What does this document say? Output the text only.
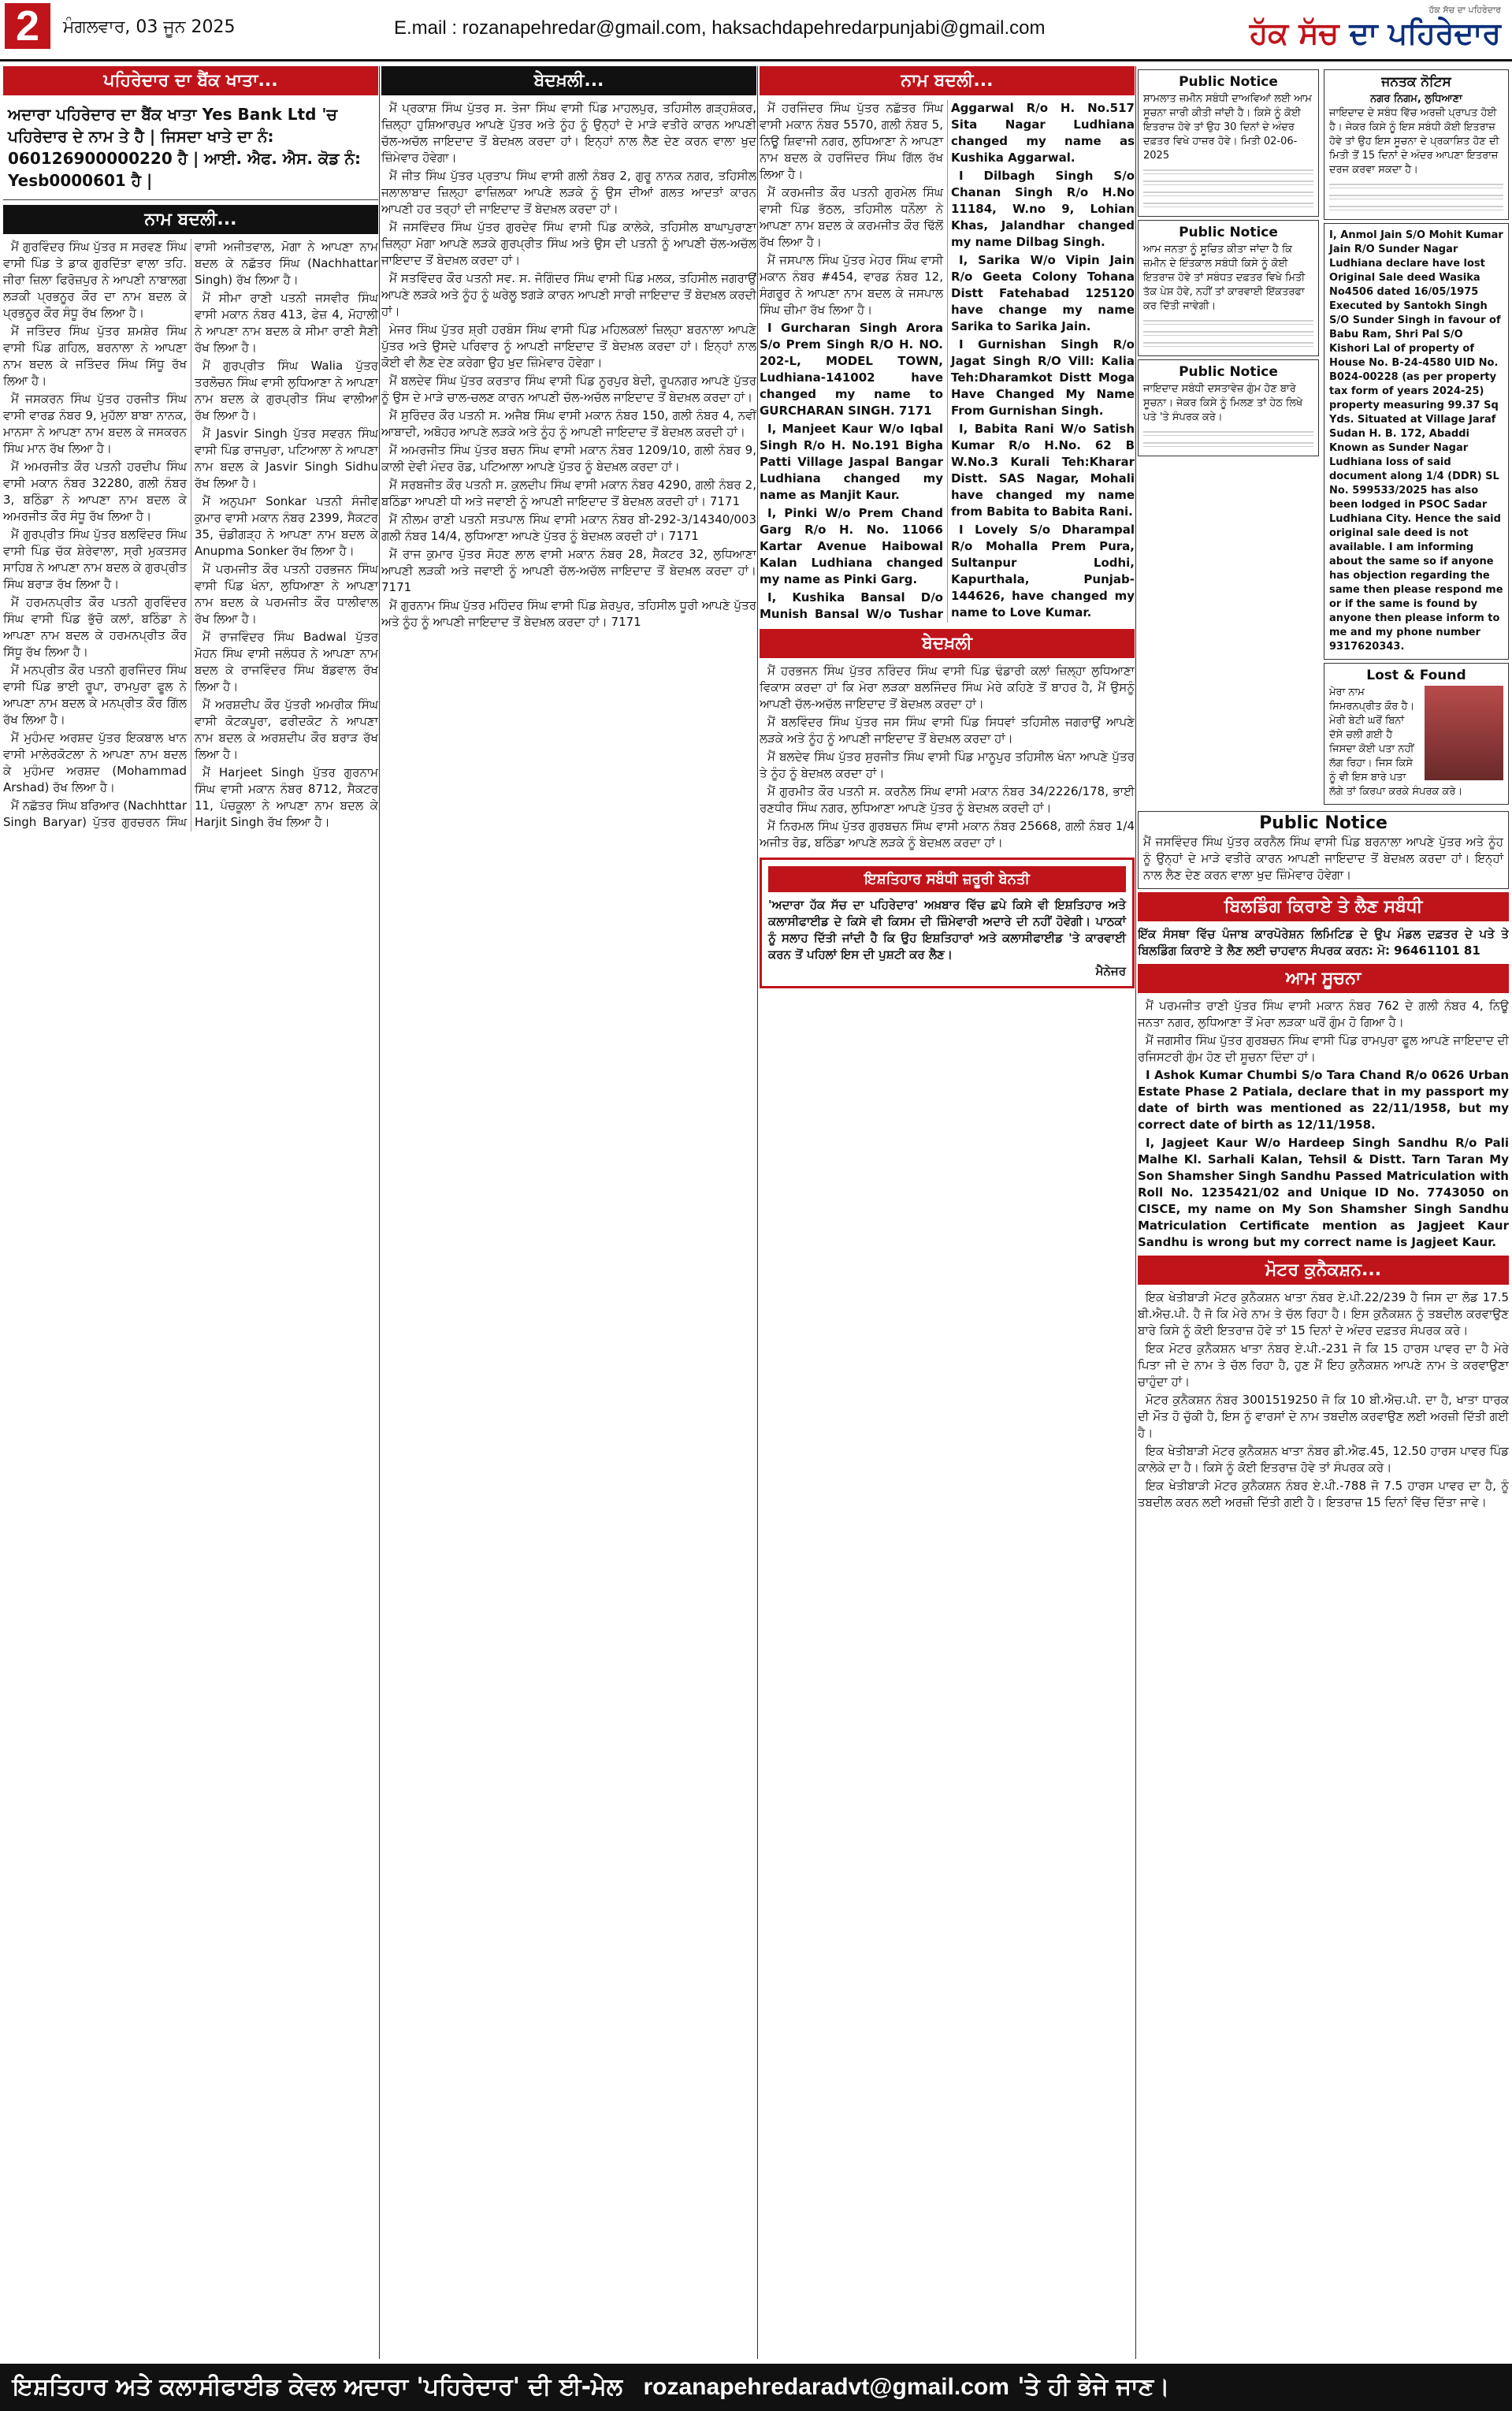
2	ਮੰਗਲਵਾਰ, 03 ਜੂਨ 2025	E.mail : rozanapehredar@gmail.com, haksachdapehredarpunjabi@gmail.com
ਹੱਕ ਸੱਚ ਦਾ ਪਹਿਰੇਦਾਰ
ਹੱਕ ਸੱਚ ਦਾ ਪਹਿਰੇਦਾਰ
ਪਹਿਰੇਦਾਰ ਦਾ ਬੈਂਕ ਖਾਤਾ...
ਅਦਾਰਾ ਪਹਿਰੇਦਾਰ ਦਾ ਬੈਂਕ ਖਾਤਾ Yes Bank Ltd 'ਚ ਪਹਿਰੇਦਾਰ ਦੇ ਨਾਮ ਤੇ ਹੈ | ਜਿਸਦਾ ਖਾਤੇ ਦਾ ਨੰ: 060126900000220 ਹੈ | ਆਈ. ਐਫ. ਐਸ. ਕੋਡ ਨੰ: Yesb0000601 ਹੈ |
ਨਾਮ ਬਦਲੀ...

ਮੈਂ ਗੁਰਵਿੰਦਰ ਸਿੰਘ ਪੁੱਤਰ ਸ ਸਰਵਣ ਸਿੰਘ ਵਾਸੀ ਪਿੰਡ ਤੇ ਡਾਕ ਗੁਰਦਿੱਤਾ ਵਾਲਾ ਤਹਿ. ਜੀਰਾ ਜ਼ਿਲਾ ਫਿਰੋਜ਼ਪੁਰ ਨੇ ਆਪਣੀ ਨਾਬਾਲਗ ਲੜਕੀ ਪ੍ਰਭਨੂਰ ਕੌਰ ਦਾ ਨਾਮ ਬਦਲ ਕੇ ਪ੍ਰਭਨੂਰ ਕੌਰ ਸੰਧੂ ਰੱਖ ਲਿਆ ਹੈ।

ਮੈਂ ਜਤਿੰਦਰ ਸਿੰਘ ਪੁੱਤਰ ਸ਼ਮਸ਼ੇਰ ਸਿੰਘ ਵਾਸੀ ਪਿੰਡ ਗਹਿਲ, ਬਰਨਾਲਾ ਨੇ ਆਪਣਾ ਨਾਮ ਬਦਲ ਕੇ ਜਤਿੰਦਰ ਸਿੰਘ ਸਿੱਧੂ ਰੱਖ ਲਿਆ ਹੈ।

ਮੈਂ ਜਸਕਰਨ ਸਿੰਘ ਪੁੱਤਰ ਹਰਜੀਤ ਸਿੰਘ ਵਾਸੀ ਵਾਰਡ ਨੰਬਰ 9, ਮੁਹੱਲਾ ਬਾਬਾ ਨਾਨਕ, ਮਾਨਸਾ ਨੇ ਆਪਣਾ ਨਾਮ ਬਦਲ ਕੇ ਜਸਕਰਨ ਸਿੰਘ ਮਾਨ ਰੱਖ ਲਿਆ ਹੈ।

ਮੈਂ ਅਮਰਜੀਤ ਕੌਰ ਪਤਨੀ ਹਰਦੀਪ ਸਿੰਘ ਵਾਸੀ ਮਕਾਨ ਨੰਬਰ 32280, ਗਲੀ ਨੰਬਰ 3, ਬਠਿੰਡਾ ਨੇ ਆਪਣਾ ਨਾਮ ਬਦਲ ਕੇ ਅਮਰਜੀਤ ਕੌਰ ਸੰਧੂ ਰੱਖ ਲਿਆ ਹੈ।

ਮੈਂ ਗੁਰਪ੍ਰੀਤ ਸਿੰਘ ਪੁੱਤਰ ਬਲਵਿੰਦਰ ਸਿੰਘ ਵਾਸੀ ਪਿੰਡ ਚੱਕ ਸ਼ੇਰੇਵਾਲਾ, ਸ੍ਰੀ ਮੁਕਤਸਰ ਸਾਹਿਬ ਨੇ ਆਪਣਾ ਨਾਮ ਬਦਲ ਕੇ ਗੁਰਪ੍ਰੀਤ ਸਿੰਘ ਬਰਾੜ ਰੱਖ ਲਿਆ ਹੈ।

ਮੈਂ ਹਰਮਨਪ੍ਰੀਤ ਕੌਰ ਪਤਨੀ ਗੁਰਵਿੰਦਰ ਸਿੰਘ ਵਾਸੀ ਪਿੰਡ ਭੁੱਚੋ ਕਲਾਂ, ਬਠਿੰਡਾ ਨੇ ਆਪਣਾ ਨਾਮ ਬਦਲ ਕੇ ਹਰਮਨਪ੍ਰੀਤ ਕੌਰ ਸਿੱਧੂ ਰੱਖ ਲਿਆ ਹੈ।

ਮੈਂ ਮਨਪ੍ਰੀਤ ਕੌਰ ਪਤਨੀ ਗੁਰਜਿੰਦਰ ਸਿੰਘ ਵਾਸੀ ਪਿੰਡ ਭਾਈ ਰੂਪਾ, ਰਾਮਪੁਰਾ ਫੂਲ ਨੇ ਆਪਣਾ ਨਾਮ ਬਦਲ ਕੇ ਮਨਪ੍ਰੀਤ ਕੌਰ ਗਿੱਲ ਰੱਖ ਲਿਆ ਹੈ।

ਮੈਂ ਮੁਹੰਮਦ ਅਰਸ਼ਦ ਪੁੱਤਰ ਇਕਬਾਲ ਖਾਨ ਵਾਸੀ ਮਾਲੇਰਕੋਟਲਾ ਨੇ ਆਪਣਾ ਨਾਮ ਬਦਲ ਕੇ ਮੁਹੰਮਦ ਅਰਸ਼ਦ (Mohammad Arshad) ਰੱਖ ਲਿਆ ਹੈ।

ਮੈਂ ਨਛੱਤਰ ਸਿੰਘ ਬਰਿਆਰ (Nachhttar Singh Baryar) ਪੁੱਤਰ ਗੁਰਚਰਨ ਸਿੰਘ ਵਾਸੀ ਅਜੀਤਵਾਲ, ਮੋਗਾ ਨੇ ਆਪਣਾ ਨਾਮ ਬਦਲ ਕੇ ਨਛੱਤਰ ਸਿੰਘ (Nachhattar Singh) ਰੱਖ ਲਿਆ ਹੈ।

ਮੈਂ ਸੀਮਾ ਰਾਣੀ ਪਤਨੀ ਜਸਵੀਰ ਸਿੰਘ ਵਾਸੀ ਮਕਾਨ ਨੰਬਰ 413, ਫੇਜ਼ 4, ਮੋਹਾਲੀ ਨੇ ਆਪਣਾ ਨਾਮ ਬਦਲ ਕੇ ਸੀਮਾ ਰਾਣੀ ਸੈਣੀ ਰੱਖ ਲਿਆ ਹੈ।

ਮੈਂ ਗੁਰਪ੍ਰੀਤ ਸਿੰਘ Walia ਪੁੱਤਰ ਤਰਲੋਚਨ ਸਿੰਘ ਵਾਸੀ ਲੁਧਿਆਣਾ ਨੇ ਆਪਣਾ ਨਾਮ ਬਦਲ ਕੇ ਗੁਰਪ੍ਰੀਤ ਸਿੰਘ ਵਾਲੀਆ ਰੱਖ ਲਿਆ ਹੈ।

ਮੈਂ Jasvir Singh ਪੁੱਤਰ ਸਵਰਨ ਸਿੰਘ ਵਾਸੀ ਪਿੰਡ ਰਾਜਪੁਰਾ, ਪਟਿਆਲਾ ਨੇ ਆਪਣਾ ਨਾਮ ਬਦਲ ਕੇ Jasvir Singh Sidhu ਰੱਖ ਲਿਆ ਹੈ।

ਮੈਂ ਅਨੁਪਮਾ Sonkar ਪਤਨੀ ਸੰਜੀਵ ਕੁਮਾਰ ਵਾਸੀ ਮਕਾਨ ਨੰਬਰ 2399, ਸੈਕਟਰ 35, ਚੰਡੀਗੜ੍ਹ ਨੇ ਆਪਣਾ ਨਾਮ ਬਦਲ ਕੇ Anupma Sonker ਰੱਖ ਲਿਆ ਹੈ।

ਮੈਂ ਪਰਮਜੀਤ ਕੌਰ ਪਤਨੀ ਹਰਭਜਨ ਸਿੰਘ ਵਾਸੀ ਪਿੰਡ ਖੰਨਾ, ਲੁਧਿਆਣਾ ਨੇ ਆਪਣਾ ਨਾਮ ਬਦਲ ਕੇ ਪਰਮਜੀਤ ਕੌਰ ਧਾਲੀਵਾਲ ਰੱਖ ਲਿਆ ਹੈ।

ਮੈਂ ਰਾਜਵਿੰਦਰ ਸਿੰਘ Badwal ਪੁੱਤਰ ਮੋਹਨ ਸਿੰਘ ਵਾਸੀ ਜਲੰਧਰ ਨੇ ਆਪਣਾ ਨਾਮ ਬਦਲ ਕੇ ਰਾਜਵਿੰਦਰ ਸਿੰਘ ਬੱਡਵਾਲ ਰੱਖ ਲਿਆ ਹੈ।

ਮੈਂ ਅਰਸ਼ਦੀਪ ਕੌਰ ਪੁੱਤਰੀ ਅਮਰੀਕ ਸਿੰਘ ਵਾਸੀ ਕੋਟਕਪੂਰਾ, ਫਰੀਦਕੋਟ ਨੇ ਆਪਣਾ ਨਾਮ ਬਦਲ ਕੇ ਅਰਸ਼ਦੀਪ ਕੌਰ ਬਰਾੜ ਰੱਖ ਲਿਆ ਹੈ।

ਮੈਂ Harjeet Singh ਪੁੱਤਰ ਗੁਰਨਾਮ ਸਿੰਘ ਵਾਸੀ ਮਕਾਨ ਨੰਬਰ 8712, ਸੈਕਟਰ 11, ਪੰਚਕੂਲਾ ਨੇ ਆਪਣਾ ਨਾਮ ਬਦਲ ਕੇ Harjit Singh ਰੱਖ ਲਿਆ ਹੈ।

ਬੇਦਖ਼ਲੀ...

ਮੈਂ ਪ੍ਰਕਾਸ਼ ਸਿੰਘ ਪੁੱਤਰ ਸ. ਤੇਜਾ ਸਿੰਘ ਵਾਸੀ ਪਿੰਡ ਮਾਹਲਪੁਰ, ਤਹਿਸੀਲ ਗੜ੍ਹਸ਼ੰਕਰ, ਜ਼ਿਲ੍ਹਾ ਹੁਸ਼ਿਆਰਪੁਰ ਆਪਣੇ ਪੁੱਤਰ ਅਤੇ ਨੂੰਹ ਨੂੰ ਉਨ੍ਹਾਂ ਦੇ ਮਾੜੇ ਵਤੀਰੇ ਕਾਰਨ ਆਪਣੀ ਚੱਲ-ਅਚੱਲ ਜਾਇਦਾਦ ਤੋਂ ਬੇਦਖ਼ਲ ਕਰਦਾ ਹਾਂ। ਇਨ੍ਹਾਂ ਨਾਲ ਲੈਣ ਦੇਣ ਕਰਨ ਵਾਲਾ ਖੁਦ ਜ਼ਿੰਮੇਵਾਰ ਹੋਵੇਗਾ।

ਮੈਂ ਜੀਤ ਸਿੰਘ ਪੁੱਤਰ ਪ੍ਰਤਾਪ ਸਿੰਘ ਵਾਸੀ ਗਲੀ ਨੰਬਰ 2, ਗੁਰੂ ਨਾਨਕ ਨਗਰ, ਤਹਿਸੀਲ ਜਲਾਲਾਬਾਦ ਜ਼ਿਲ੍ਹਾ ਫਾਜ਼ਿਲਕਾ ਆਪਣੇ ਲੜਕੇ ਨੂੰ ਉਸ ਦੀਆਂ ਗਲਤ ਆਦਤਾਂ ਕਾਰਨ ਆਪਣੀ ਹਰ ਤਰ੍ਹਾਂ ਦੀ ਜਾਇਦਾਦ ਤੋਂ ਬੇਦਖ਼ਲ ਕਰਦਾ ਹਾਂ।

ਮੈਂ ਜਸਵਿੰਦਰ ਸਿੰਘ ਪੁੱਤਰ ਗੁਰਦੇਵ ਸਿੰਘ ਵਾਸੀ ਪਿੰਡ ਕਾਲੇਕੇ, ਤਹਿਸੀਲ ਬਾਘਾਪੁਰਾਣਾ ਜ਼ਿਲ੍ਹਾ ਮੋਗਾ ਆਪਣੇ ਲੜਕੇ ਗੁਰਪ੍ਰੀਤ ਸਿੰਘ ਅਤੇ ਉਸ ਦੀ ਪਤਨੀ ਨੂੰ ਆਪਣੀ ਚੱਲ-ਅਚੱਲ ਜਾਇਦਾਦ ਤੋਂ ਬੇਦਖ਼ਲ ਕਰਦਾ ਹਾਂ।

ਮੈਂ ਸਤਵਿੰਦਰ ਕੌਰ ਪਤਨੀ ਸਵ. ਸ. ਜੋਗਿੰਦਰ ਸਿੰਘ ਵਾਸੀ ਪਿੰਡ ਮਲਕ, ਤਹਿਸੀਲ ਜਗਰਾਉਂ ਆਪਣੇ ਲੜਕੇ ਅਤੇ ਨੂੰਹ ਨੂੰ ਘਰੇਲੂ ਝਗੜੇ ਕਾਰਨ ਆਪਣੀ ਸਾਰੀ ਜਾਇਦਾਦ ਤੋਂ ਬੇਦਖ਼ਲ ਕਰਦੀ ਹਾਂ।

ਮੇਜਰ ਸਿੰਘ ਪੁੱਤਰ ਸ਼੍ਰੀ ਹਰਬੰਸ ਸਿੰਘ ਵਾਸੀ ਪਿੰਡ ਮਹਿਲਕਲਾਂ ਜ਼ਿਲ੍ਹਾ ਬਰਨਾਲਾ ਆਪਣੇ ਪੁੱਤਰ ਅਤੇ ਉਸਦੇ ਪਰਿਵਾਰ ਨੂੰ ਆਪਣੀ ਜਾਇਦਾਦ ਤੋਂ ਬੇਦਖ਼ਲ ਕਰਦਾ ਹਾਂ। ਇਨ੍ਹਾਂ ਨਾਲ ਕੋਈ ਵੀ ਲੈਣ ਦੇਣ ਕਰੇਗਾ ਉਹ ਖੁਦ ਜ਼ਿੰਮੇਵਾਰ ਹੋਵੇਗਾ।

ਮੈਂ ਬਲਦੇਵ ਸਿੰਘ ਪੁੱਤਰ ਕਰਤਾਰ ਸਿੰਘ ਵਾਸੀ ਪਿੰਡ ਨੂਰਪੁਰ ਬੇਦੀ, ਰੂਪਨਗਰ ਆਪਣੇ ਪੁੱਤਰ ਨੂੰ ਉਸ ਦੇ ਮਾੜੇ ਚਾਲ-ਚਲਣ ਕਾਰਨ ਆਪਣੀ ਚੱਲ-ਅਚੱਲ ਜਾਇਦਾਦ ਤੋਂ ਬੇਦਖ਼ਲ ਕਰਦਾ ਹਾਂ।

ਮੈਂ ਸੁਰਿੰਦਰ ਕੌਰ ਪਤਨੀ ਸ. ਅਜੈਬ ਸਿੰਘ ਵਾਸੀ ਮਕਾਨ ਨੰਬਰ 150, ਗਲੀ ਨੰਬਰ 4, ਨਵੀਂ ਆਬਾਦੀ, ਅਬੋਹਰ ਆਪਣੇ ਲੜਕੇ ਅਤੇ ਨੂੰਹ ਨੂੰ ਆਪਣੀ ਜਾਇਦਾਦ ਤੋਂ ਬੇਦਖ਼ਲ ਕਰਦੀ ਹਾਂ।

ਮੈਂ ਅਮਰਜੀਤ ਸਿੰਘ ਪੁੱਤਰ ਬਚਨ ਸਿੰਘ ਵਾਸੀ ਮਕਾਨ ਨੰਬਰ 1209/10, ਗਲੀ ਨੰਬਰ 9, ਕਾਲੀ ਦੇਵੀ ਮੰਦਰ ਰੋਡ, ਪਟਿਆਲਾ ਆਪਣੇ ਪੁੱਤਰ ਨੂੰ ਬੇਦਖ਼ਲ ਕਰਦਾ ਹਾਂ।

ਮੈਂ ਸਰਬਜੀਤ ਕੌਰ ਪਤਨੀ ਸ. ਕੁਲਦੀਪ ਸਿੰਘ ਵਾਸੀ ਮਕਾਨ ਨੰਬਰ 4290, ਗਲੀ ਨੰਬਰ 2, ਬਠਿੰਡਾ ਆਪਣੀ ਧੀ ਅਤੇ ਜਵਾਈ ਨੂੰ ਆਪਣੀ ਜਾਇਦਾਦ ਤੋਂ ਬੇਦਖ਼ਲ ਕਰਦੀ ਹਾਂ। 7171

ਮੈਂ ਨੀਲਮ ਰਾਣੀ ਪਤਨੀ ਸਤਪਾਲ ਸਿੰਘ ਵਾਸੀ ਮਕਾਨ ਨੰਬਰ ਬੀ-292-3/14340/003 ਗਲੀ ਨੰਬਰ 14/4, ਲੁਧਿਆਣਾ ਆਪਣੇ ਪੁੱਤਰ ਨੂੰ ਬੇਦਖ਼ਲ ਕਰਦੀ ਹਾਂ। 7171

ਮੈਂ ਰਾਜ ਕੁਮਾਰ ਪੁੱਤਰ ਸੋਹਣ ਲਾਲ ਵਾਸੀ ਮਕਾਨ ਨੰਬਰ 28, ਸੈਕਟਰ 32, ਲੁਧਿਆਣਾ ਆਪਣੀ ਲੜਕੀ ਅਤੇ ਜਵਾਈ ਨੂੰ ਆਪਣੀ ਚੱਲ-ਅਚੱਲ ਜਾਇਦਾਦ ਤੋਂ ਬੇਦਖ਼ਲ ਕਰਦਾ ਹਾਂ। 7171

ਮੈਂ ਗੁਰਨਾਮ ਸਿੰਘ ਪੁੱਤਰ ਮਹਿੰਦਰ ਸਿੰਘ ਵਾਸੀ ਪਿੰਡ ਸ਼ੇਰਪੁਰ, ਤਹਿਸੀਲ ਧੂਰੀ ਆਪਣੇ ਪੁੱਤਰ ਅਤੇ ਨੂੰਹ ਨੂੰ ਆਪਣੀ ਜਾਇਦਾਦ ਤੋਂ ਬੇਦਖ਼ਲ ਕਰਦਾ ਹਾਂ। 7171

ਨਾਮ ਬਦਲੀ...

ਮੈਂ ਹਰਜਿੰਦਰ ਸਿੰਘ ਪੁੱਤਰ ਨਛੱਤਰ ਸਿੰਘ ਵਾਸੀ ਮਕਾਨ ਨੰਬਰ 5570, ਗਲੀ ਨੰਬਰ 5, ਨਿਊ ਸ਼ਿਵਾਜੀ ਨਗਰ, ਲੁਧਿਆਣਾ ਨੇ ਆਪਣਾ ਨਾਮ ਬਦਲ ਕੇ ਹਰਜਿੰਦਰ ਸਿੰਘ ਗਿੱਲ ਰੱਖ ਲਿਆ ਹੈ।

ਮੈਂ ਕਰਮਜੀਤ ਕੌਰ ਪਤਨੀ ਗੁਰਮੇਲ ਸਿੰਘ ਵਾਸੀ ਪਿੰਡ ਭੱਠਲ, ਤਹਿਸੀਲ ਧਨੌਲਾ ਨੇ ਆਪਣਾ ਨਾਮ ਬਦਲ ਕੇ ਕਰਮਜੀਤ ਕੌਰ ਢਿੱਲੋਂ ਰੱਖ ਲਿਆ ਹੈ।

ਮੈਂ ਜਸਪਾਲ ਸਿੰਘ ਪੁੱਤਰ ਮੇਹਰ ਸਿੰਘ ਵਾਸੀ ਮਕਾਨ ਨੰਬਰ #454, ਵਾਰਡ ਨੰਬਰ 12, ਸੰਗਰੂਰ ਨੇ ਆਪਣਾ ਨਾਮ ਬਦਲ ਕੇ ਜਸਪਾਲ ਸਿੰਘ ਚੀਮਾ ਰੱਖ ਲਿਆ ਹੈ।

I Gurcharan Singh Arora S/o Prem Singh R/O H. NO. 202-L, MODEL TOWN, Ludhiana-141002 have changed my name to GURCHARAN SINGH. 7171

I, Manjeet Kaur W/o Iqbal Singh R/o H. No.191 Bigha Patti Village Jaspal Bangar Ludhiana changed my name as Manjit Kaur.

I, Pinki W/o Prem Chand Garg R/o H. No. 11066 Kartar Avenue Haibowal Kalan Ludhiana changed my name as Pinki Garg.

I, Kushika Bansal D/o Munish Bansal W/o Tushar Aggarwal R/o H. No.517 Sita Nagar Ludhiana changed my name as Kushika Aggarwal.

I Dilbagh Singh S/o Chanan Singh R/o H.No 11184, W.no 9, Lohian Khas, Jalandhar changed my name Dilbag Singh.

I, Sarika W/o Vipin Jain R/o Geeta Colony Tohana Distt Fatehabad 125120 have change my name Sarika to Sarika Jain.

I Gurnishan Singh R/o Jagat Singh R/O Vill: Kalia Teh:Dharamkot Distt Moga Have Changed My Name From Gurnishan Singh.

I, Babita Rani W/o Satish Kumar R/o H.No. 62 B W.No.3 Kurali Teh:Kharar Distt. SAS Nagar, Mohali have changed my name from Babita to Babita Rani.

I Lovely S/o Dharampal R/o Mohalla Prem Pura, Sultanpur Lodhi, Kapurthala, Punjab-144626, have changed my name to Love Kumar.

ਬੇਦਖ਼ਲੀ

ਮੈਂ ਹਰਭਜਨ ਸਿੰਘ ਪੁੱਤਰ ਨਰਿੰਦਰ ਸਿੰਘ ਵਾਸੀ ਪਿੰਡ ਢੰਡਾਰੀ ਕਲਾਂ ਜ਼ਿਲ੍ਹਾ ਲੁਧਿਆਣਾ ਵਿਕਾਸ ਕਰਦਾ ਹਾਂ ਕਿ ਮੇਰਾ ਲੜਕਾ ਬਲਜਿੰਦਰ ਸਿੰਘ ਮੇਰੇ ਕਹਿਣੇ ਤੋਂ ਬਾਹਰ ਹੈ, ਮੈਂ ਉਸਨੂੰ ਆਪਣੀ ਚੱਲ-ਅਚੱਲ ਜਾਇਦਾਦ ਤੋਂ ਬੇਦਖ਼ਲ ਕਰਦਾ ਹਾਂ।

ਮੈਂ ਬਲਵਿੰਦਰ ਸਿੰਘ ਪੁੱਤਰ ਜਸ ਸਿੰਘ ਵਾਸੀ ਪਿੰਡ ਸਿਧਵਾਂ ਤਹਿਸੀਲ ਜਗਰਾਉਂ ਆਪਣੇ ਲੜਕੇ ਅਤੇ ਨੂੰਹ ਨੂੰ ਆਪਣੀ ਜਾਇਦਾਦ ਤੋਂ ਬੇਦਖ਼ਲ ਕਰਦਾ ਹਾਂ।

ਮੈਂ ਬਲਦੇਵ ਸਿੰਘ ਪੁੱਤਰ ਸੁਰਜੀਤ ਸਿੰਘ ਵਾਸੀ ਪਿੰਡ ਮਾਨੂਪੁਰ ਤਹਿਸੀਲ ਖੰਨਾ ਆਪਣੇ ਪੁੱਤਰ ਤੇ ਨੂੰਹ ਨੂੰ ਬੇਦਖ਼ਲ ਕਰਦਾ ਹਾਂ।

ਮੈਂ ਗੁਰਮੀਤ ਕੌਰ ਪਤਨੀ ਸ. ਕਰਨੈਲ ਸਿੰਘ ਵਾਸੀ ਮਕਾਨ ਨੰਬਰ 34/2226/178, ਭਾਈ ਰਣਧੀਰ ਸਿੰਘ ਨਗਰ, ਲੁਧਿਆਣਾ ਆਪਣੇ ਪੁੱਤਰ ਨੂੰ ਬੇਦਖ਼ਲ ਕਰਦੀ ਹਾਂ।

ਮੈਂ ਨਿਰਮਲ ਸਿੰਘ ਪੁੱਤਰ ਗੁਰਬਚਨ ਸਿੰਘ ਵਾਸੀ ਮਕਾਨ ਨੰਬਰ 25668, ਗਲੀ ਨੰਬਰ 1/4 ਅਜੀਤ ਰੋਡ, ਬਠਿੰਡਾ ਆਪਣੇ ਲੜਕੇ ਨੂੰ ਬੇਦਖ਼ਲ ਕਰਦਾ ਹਾਂ।

ਇਸ਼ਤਿਹਾਰ ਸਬੰਧੀ ਜ਼ਰੂਰੀ ਬੇਨਤੀ
'ਅਦਾਰਾ ਹੱਕ ਸੱਚ ਦਾ ਪਹਿਰੇਦਾਰ' ਅਖ਼ਬਾਰ ਵਿੱਚ ਛਪੇ ਕਿਸੇ ਵੀ ਇਸ਼ਤਿਹਾਰ ਅਤੇ ਕਲਾਸੀਫਾਈਡ ਦੇ ਕਿਸੇ ਵੀ ਕਿਸਮ ਦੀ ਜ਼ਿੰਮੇਵਾਰੀ ਅਦਾਰੇ ਦੀ ਨਹੀਂ ਹੋਵੇਗੀ। ਪਾਠਕਾਂ ਨੂੰ ਸਲਾਹ ਦਿੱਤੀ ਜਾਂਦੀ ਹੈ ਕਿ ਉਹ ਇਸ਼ਤਿਹਾਰਾਂ ਅਤੇ ਕਲਾਸੀਫਾਈਡ 'ਤੇ ਕਾਰਵਾਈ ਕਰਨ ਤੋਂ ਪਹਿਲਾਂ ਇਸ ਦੀ ਪੁਸ਼ਟੀ ਕਰ ਲੈਣ।
ਮੈਨੇਜਰ
Public Notice
ਸ਼ਾਮਲਾਤ ਜ਼ਮੀਨ ਸਬੰਧੀ ਦਾਅਵਿਆਂ ਲਈ ਆਮ ਸੂਚਨਾ ਜਾਰੀ ਕੀਤੀ ਜਾਂਦੀ ਹੈ। ਕਿਸੇ ਨੂੰ ਕੋਈ ਇਤਰਾਜ਼ ਹੋਵੇ ਤਾਂ ਉਹ 30 ਦਿਨਾਂ ਦੇ ਅੰਦਰ ਦਫ਼ਤਰ ਵਿਖੇ ਹਾਜ਼ਰ ਹੋਵੇ। ਮਿਤੀ 02-06-2025
Public Notice
ਆਮ ਜਨਤਾ ਨੂੰ ਸੂਚਿਤ ਕੀਤਾ ਜਾਂਦਾ ਹੈ ਕਿ ਜ਼ਮੀਨ ਦੇ ਇੰਤਕਾਲ ਸਬੰਧੀ ਕਿਸੇ ਨੂੰ ਕੋਈ ਇਤਰਾਜ਼ ਹੋਵੇ ਤਾਂ ਸਬੰਧਤ ਦਫ਼ਤਰ ਵਿਖੇ ਮਿਤੀ ਤੱਕ ਪੇਸ਼ ਹੋਵੇ, ਨਹੀਂ ਤਾਂ ਕਾਰਵਾਈ ਇੱਕਤਰਫਾ ਕਰ ਦਿੱਤੀ ਜਾਵੇਗੀ।
Public Notice
ਜਾਇਦਾਦ ਸਬੰਧੀ ਦਸਤਾਵੇਜ਼ ਗੁੰਮ ਹੋਣ ਬਾਰੇ ਸੂਚਨਾ। ਜੇਕਰ ਕਿਸੇ ਨੂੰ ਮਿਲਣ ਤਾਂ ਹੇਠ ਲਿਖੇ ਪਤੇ 'ਤੇ ਸੰਪਰਕ ਕਰੇ।
ਜਨਤਕ ਨੋਟਿਸ
ਨਗਰ ਨਿਗਮ, ਲੁਧਿਆਣਾ
ਜਾਇਦਾਦ ਦੇ ਸਬੰਧ ਵਿੱਚ ਅਰਜ਼ੀ ਪ੍ਰਾਪਤ ਹੋਈ ਹੈ। ਜੇਕਰ ਕਿਸੇ ਨੂੰ ਇਸ ਸਬੰਧੀ ਕੋਈ ਇਤਰਾਜ਼ ਹੋਵੇ ਤਾਂ ਉਹ ਇਸ ਸੂਚਨਾ ਦੇ ਪ੍ਰਕਾਸ਼ਿਤ ਹੋਣ ਦੀ ਮਿਤੀ ਤੋਂ 15 ਦਿਨਾਂ ਦੇ ਅੰਦਰ ਆਪਣਾ ਇਤਰਾਜ਼ ਦਰਜ ਕਰਵਾ ਸਕਦਾ ਹੈ।
I, Anmol Jain S/O Mohit Kumar Jain R/O Sunder Nagar Ludhiana declare have lost Original Sale deed Wasika No4506 dated 16/05/1975 Executed by Santokh Singh S/O Sunder Singh in favour of Babu Ram, Shri Pal S/O Kishori Lal of property of House No. B-24-4580 UID No. B024-00228 (as per property tax form of years 2024-25) property measuring 99.37 Sq Yds. Situated at Village Jaraf Sudan H. B. 172, Abaddi Known as Sunder Nagar Ludhiana loss of said document along 1/4 (DDR) SL No. 599533/2025 has also been lodged in PSOC Sadar Ludhiana City. Hence the said original sale deed is not available. I am informing about the same so if anyone has objection regarding the same then please respond me or if the same is found by anyone then please inform to me and my phone number 9317620343.
Lost & Found
ਮੇਰਾ ਨਾਮ ਸਿਮਰਨਪ੍ਰੀਤ ਕੌਰ ਹੈ। ਮੇਰੀ ਬੇਟੀ ਘਰੋਂ ਬਿਨਾਂ ਦੱਸੇ ਚਲੀ ਗਈ ਹੈ ਜਿਸਦਾ ਕੋਈ ਪਤਾ ਨਹੀਂ ਲੱਗ ਰਿਹਾ। ਜਿਸ ਕਿਸੇ ਨੂੰ ਵੀ ਇਸ ਬਾਰੇ ਪਤਾ ਲੱਗੇ ਤਾਂ ਕਿਰਪਾ ਕਰਕੇ ਸੰਪਰਕ ਕਰੇ।
Public Notice
ਮੈਂ ਜਸਵਿੰਦਰ ਸਿੰਘ ਪੁੱਤਰ ਕਰਨੈਲ ਸਿੰਘ ਵਾਸੀ ਪਿੰਡ ਬਰਨਾਲਾ ਆਪਣੇ ਪੁੱਤਰ ਅਤੇ ਨੂੰਹ ਨੂੰ ਉਨ੍ਹਾਂ ਦੇ ਮਾੜੇ ਵਤੀਰੇ ਕਾਰਨ ਆਪਣੀ ਜਾਇਦਾਦ ਤੋਂ ਬੇਦਖ਼ਲ ਕਰਦਾ ਹਾਂ। ਇਨ੍ਹਾਂ ਨਾਲ ਲੈਣ ਦੇਣ ਕਰਨ ਵਾਲਾ ਖੁਦ ਜ਼ਿੰਮੇਵਾਰ ਹੋਵੇਗਾ।
ਬਿਲਡਿੰਗ ਕਿਰਾਏ ਤੇ ਲੈਣ ਸਬੰਧੀ
ਇੱਕ ਸੰਸਥਾ ਵਿੱਚ ਪੰਜਾਬ ਕਾਰਪੋਰੇਸ਼ਨ ਲਿਮਿਟਿਡ ਦੇ ਉਪ ਮੰਡਲ ਦਫ਼ਤਰ ਦੇ ਪਤੇ ਤੇ ਬਿਲਡਿੰਗ ਕਿਰਾਏ ਤੇ ਲੈਣ ਲਈ ਚਾਹਵਾਨ ਸੰਪਰਕ ਕਰਨ: ਮੋ: 96461101 81
ਆਮ ਸੂਚਨਾ

ਮੈਂ ਪਰਮਜੀਤ ਰਾਣੀ ਪੁੱਤਰ ਸਿੰਘ ਵਾਸੀ ਮਕਾਨ ਨੰਬਰ 762 ਦੇ ਗਲੀ ਨੰਬਰ 4, ਨਿਊ ਜਨਤਾ ਨਗਰ, ਲੁਧਿਆਣਾ ਤੋਂ ਮੇਰਾ ਲੜਕਾ ਘਰੋਂ ਗੁੰਮ ਹੋ ਗਿਆ ਹੈ।

ਮੈਂ ਜਗਸੀਰ ਸਿੰਘ ਪੁੱਤਰ ਗੁਰਬਚਨ ਸਿੰਘ ਵਾਸੀ ਪਿੰਡ ਰਾਮਪੁਰਾ ਫੂਲ ਆਪਣੇ ਜਾਇਦਾਦ ਦੀ ਰਜਿਸਟਰੀ ਗੁੰਮ ਹੋਣ ਦੀ ਸੂਚਨਾ ਦਿੰਦਾ ਹਾਂ।

I Ashok Kumar Chumbi S/o Tara Chand R/o 0626 Urban Estate Phase 2 Patiala, declare that in my passport my date of birth was mentioned as 22/11/1958, but my correct date of birth as 12/11/1958.

I, Jagjeet Kaur W/o Hardeep Singh Sandhu R/o Pali Malhe Kl. Sarhali Kalan, Tehsil & Distt. Tarn Taran My Son Shamsher Singh Sandhu Passed Matriculation with Roll No. 1235421/02 and Unique ID No. 7743050 on CISCE, my name on My Son Shamsher Singh Sandhu Matriculation Certificate mention as Jagjeet Kaur Sandhu is wrong but my correct name is Jagjeet Kaur.

ਮੋਟਰ ਕੁਨੈਕਸ਼ਨ...

ਇਕ ਖੇਤੀਬਾੜੀ ਮੋਟਰ ਕੁਨੈਕਸ਼ਨ ਖਾਤਾ ਨੰਬਰ ਏ.ਪੀ.22/239 ਹੈ ਜਿਸ ਦਾ ਲੋਡ 17.5 ਬੀ.ਐਚ.ਪੀ. ਹੈ ਜੋ ਕਿ ਮੇਰੇ ਨਾਮ ਤੇ ਚੱਲ ਰਿਹਾ ਹੈ। ਇਸ ਕੁਨੈਕਸ਼ਨ ਨੂੰ ਤਬਦੀਲ ਕਰਵਾਉਣ ਬਾਰੇ ਕਿਸੇ ਨੂੰ ਕੋਈ ਇਤਰਾਜ਼ ਹੋਵੇ ਤਾਂ 15 ਦਿਨਾਂ ਦੇ ਅੰਦਰ ਦਫ਼ਤਰ ਸੰਪਰਕ ਕਰੇ।

ਇਕ ਮੋਟਰ ਕੁਨੈਕਸ਼ਨ ਖਾਤਾ ਨੰਬਰ ਏ.ਪੀ.-231 ਜੋ ਕਿ 15 ਹਾਰਸ ਪਾਵਰ ਦਾ ਹੈ ਮੇਰੇ ਪਿਤਾ ਜੀ ਦੇ ਨਾਮ ਤੇ ਚੱਲ ਰਿਹਾ ਹੈ, ਹੁਣ ਮੈਂ ਇਹ ਕੁਨੈਕਸ਼ਨ ਆਪਣੇ ਨਾਮ ਤੇ ਕਰਵਾਉਣਾ ਚਾਹੁੰਦਾ ਹਾਂ।

ਮੋਟਰ ਕੁਨੈਕਸ਼ਨ ਨੰਬਰ 3001519250 ਜੋ ਕਿ 10 ਬੀ.ਐਚ.ਪੀ. ਦਾ ਹੈ, ਖਾਤਾ ਧਾਰਕ ਦੀ ਮੌਤ ਹੋ ਚੁੱਕੀ ਹੈ, ਇਸ ਨੂੰ ਵਾਰਸਾਂ ਦੇ ਨਾਮ ਤਬਦੀਲ ਕਰਵਾਉਣ ਲਈ ਅਰਜ਼ੀ ਦਿੱਤੀ ਗਈ ਹੈ।

ਇਕ ਖੇਤੀਬਾੜੀ ਮੋਟਰ ਕੁਨੈਕਸ਼ਨ ਖਾਤਾ ਨੰਬਰ ਡੀ.ਐਫ.45, 12.50 ਹਾਰਸ ਪਾਵਰ ਪਿੰਡ ਕਾਲੇਕੇ ਦਾ ਹੈ। ਕਿਸੇ ਨੂੰ ਕੋਈ ਇਤਰਾਜ਼ ਹੋਵੇ ਤਾਂ ਸੰਪਰਕ ਕਰੇ।

ਇਕ ਖੇਤੀਬਾੜੀ ਮੋਟਰ ਕੁਨੈਕਸ਼ਨ ਨੰਬਰ ਏ.ਪੀ.-788 ਜੋ 7.5 ਹਾਰਸ ਪਾਵਰ ਦਾ ਹੈ, ਨੂੰ ਤਬਦੀਲ ਕਰਨ ਲਈ ਅਰਜ਼ੀ ਦਿੱਤੀ ਗਈ ਹੈ। ਇਤਰਾਜ਼ 15 ਦਿਨਾਂ ਵਿੱਚ ਦਿੱਤਾ ਜਾਵੇ।

ਇਸ਼ਤਿਹਾਰ ਅਤੇ ਕਲਾਸੀਫਾਈਡ ਕੇਵਲ ਅਦਾਰਾ 'ਪਹਿਰੇਦਾਰ' ਦੀ ਈ-ਮੇਲ rozanapehredaradvt@gmail.com 'ਤੇ ਹੀ ਭੇਜੇ ਜਾਣ।
